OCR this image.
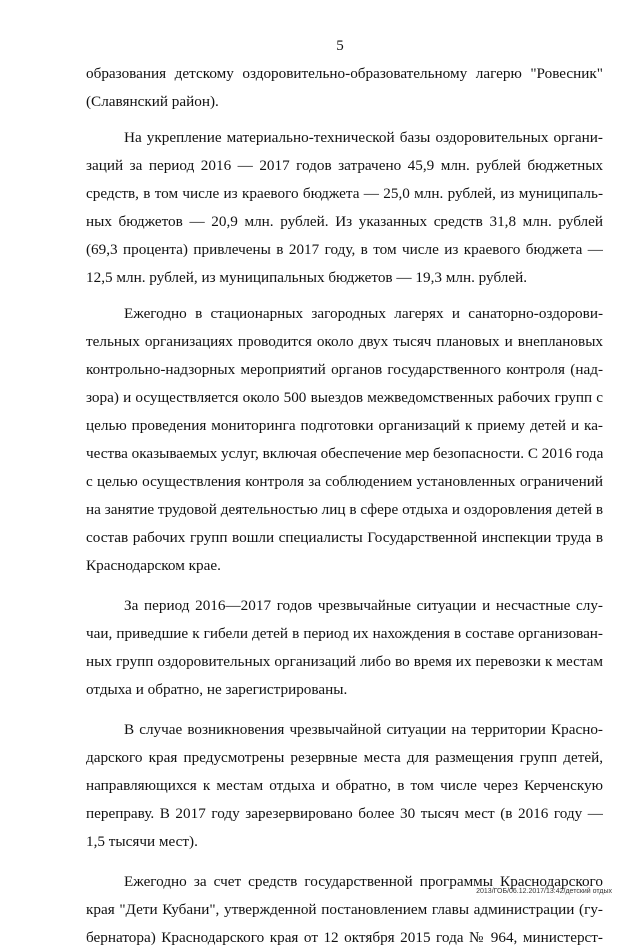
5
образования детскому оздоровительно-образовательному лагерю "Ровесник"
(Славянский район).
На укрепление материально-технической базы оздоровительных органи-
заций за период 2016 — 2017 годов затрачено 45,9 млн. рублей бюджетных
средств, в том числе из краевого бюджета — 25,0 млн. рублей, из муниципаль-
ных бюджетов — 20,9 млн. рублей. Из указанных средств 31,8 млн. рублей
(69,3 процента) привлечены в 2017 году, в том числе из краевого бюджета —
12,5 млн. рублей, из муниципальных бюджетов — 19,3 млн. рублей.
Ежегодно в стационарных загородных лагерях и санаторно-оздорови-
тельных организациях проводится около двух тысяч плановых и внеплановых
контрольно-надзорных мероприятий органов государственного контроля (над-
зора) и осуществляется около 500 выездов межведомственных рабочих групп с
целью проведения мониторинга подготовки организаций к приему детей и ка-
чества оказываемых услуг, включая обеспечение мер безопасности. С 2016 года
с целью осуществления контроля за соблюдением установленных ограничений
на занятие трудовой деятельностью лиц в сфере отдыха и оздоровления детей в
состав рабочих групп вошли специалисты Государственной инспекции труда в
Краснодарском крае.
За период 2016—2017 годов чрезвычайные ситуации и несчастные слу-
чаи, приведшие к гибели детей в период их нахождения в составе организован-
ных групп оздоровительных организаций либо во время их перевозки к местам
отдыха и обратно, не зарегистрированы.
В случае возникновения чрезвычайной ситуации на территории Красно-
дарского края предусмотрены резервные места для размещения групп детей,
направляющихся к местам отдыха и обратно, в том числе через Керченскую
переправу. В 2017 году зарезервировано более 30 тысяч мест (в 2016 году —
1,5 тысячи мест).
Ежегодно за счет средств государственной программы Краснодарского
края "Дети Кубани", утвержденной постановлением главы администрации (гу-
бернатора) Краснодарского края от 12 октября 2015 года № 964, министерст-
2013/ГОБ/06.12.2017/13:42/детский отдых
